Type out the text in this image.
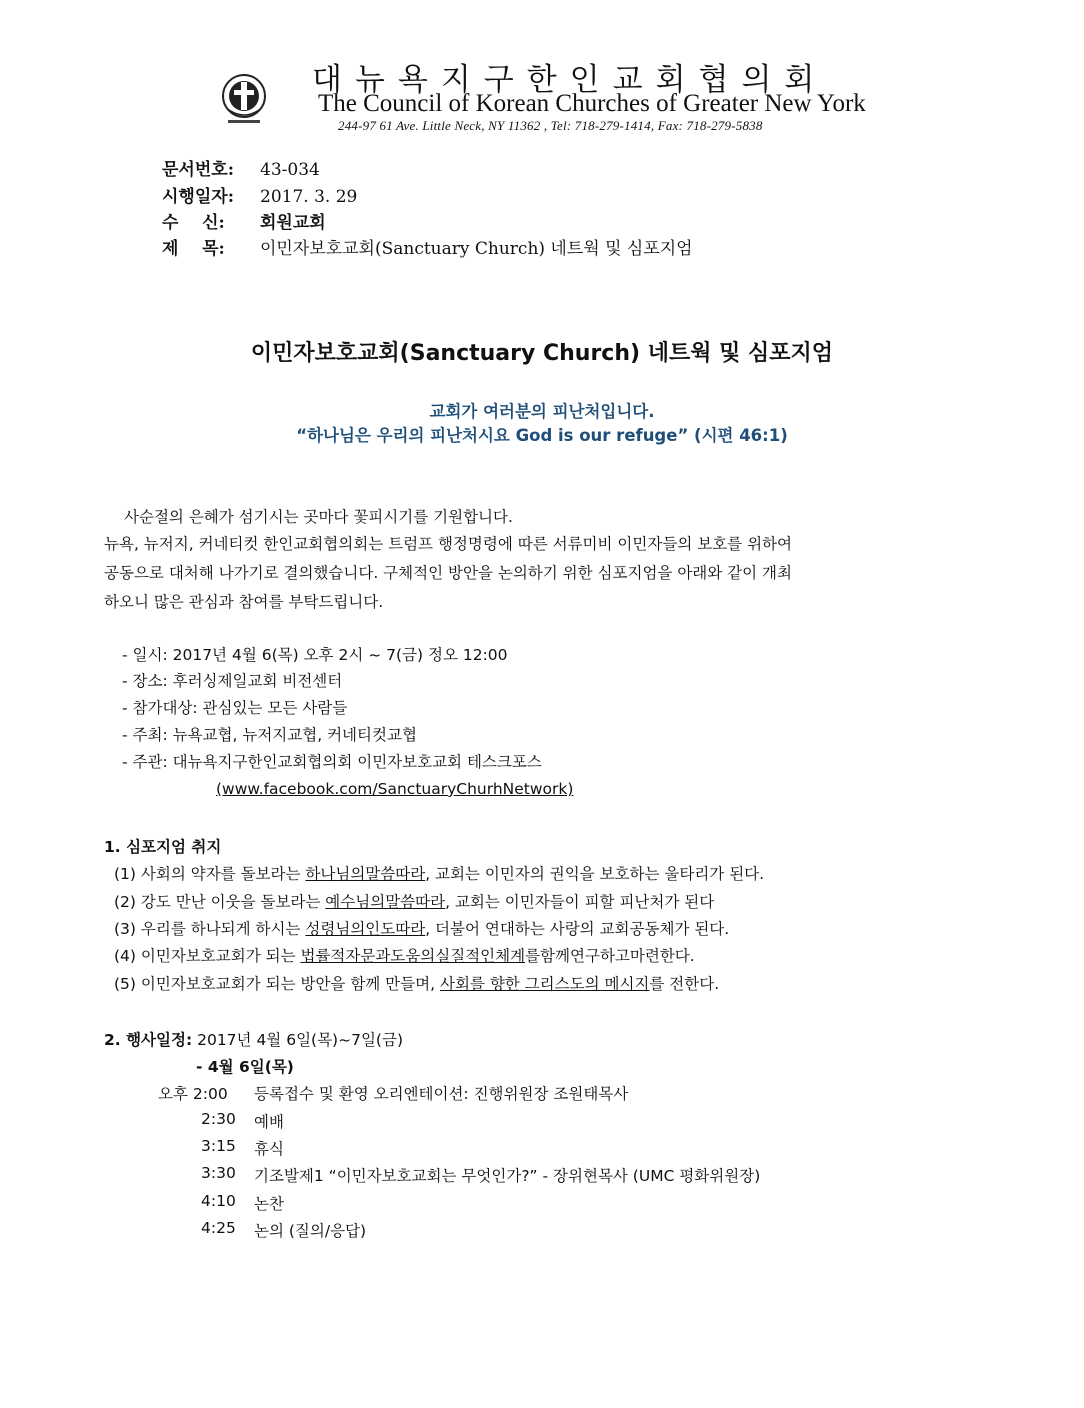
대뉴욕지구한인교회협의회
The Council of Korean Churches of Greater New York
244-97 61 Ave. Little Neck, NY 11362 , Tel: 718-279-1414, Fax: 718-279-5838
문서번호: 43-034
시행일자: 2017. 3. 29
수    신: 회원교회
제    목: 이민자보호교회(Sanctuary Church) 네트웍 및 심포지엄
이민자보호교회(Sanctuary Church) 네트웍 및 심포지엄
교회가 여러분의 피난처입니다.
“하나님은 우리의 피난처시요 God is our refuge” (시편 46:1)
사순절의 은혜가 섬기시는 곳마다 꽃피시기를 기원합니다.
뉴욕, 뉴저지, 커네티컷 한인교회협의회는 트럼프 행정명령에 따른 서류미비 이민자들의 보호를 위하여
공동으로 대처해 나가기로 결의했습니다. 구체적인 방안을 논의하기 위한 심포지엄을 아래와 같이 개최
하오니 많은 관심과 참여를 부탁드립니다.
- 일시: 2017년 4월 6(목) 오후 2시 ~ 7(금) 정오 12:00
- 장소: 후러싱제일교회 비전센터
- 참가대상: 관심있는 모든 사람들
- 주최: 뉴욕교협, 뉴저지교협, 커네티컷교협
- 주관: 대뉴욕지구한인교회협의회 이민자보호교회 테스크포스
(www.facebook.com/SanctuaryChurhNetwork)
1. 심포지엄 취지
(1) 사회의 약자를 돌보라는 하나님의말씀따라, 교회는 이민자의 권익을 보호하는 울타리가 된다.
(2) 강도 만난 이웃을 돌보라는 예수님의말씀따라, 교회는 이민자들이 피할 피난처가 된다
(3) 우리를 하나되게 하시는 성령님의인도따라, 더불어 연대하는 사랑의 교회공동체가 된다.
(4) 이민자보호교회가 되는 법률적자문과도움의실질적인체계를함께연구하고마련한다.
(5) 이민자보호교회가 되는 방안을 함께 만들며, 사회를 향한 그리스도의 메시지를 전한다.
2. 행사일정: 2017년 4월 6일(목)~7일(금)
- 4월 6일(목)
오후 2:00 등록접수 및 환영 오리엔테이션: 진행위원장 조원태목사
2:30 예배
3:15 휴식
3:30 기조발제1 “이민자보호교회는 무엇인가?” - 장위현목사 (UMC 평화위원장)
4:10 논찬
4:25 논의 (질의/응답)
